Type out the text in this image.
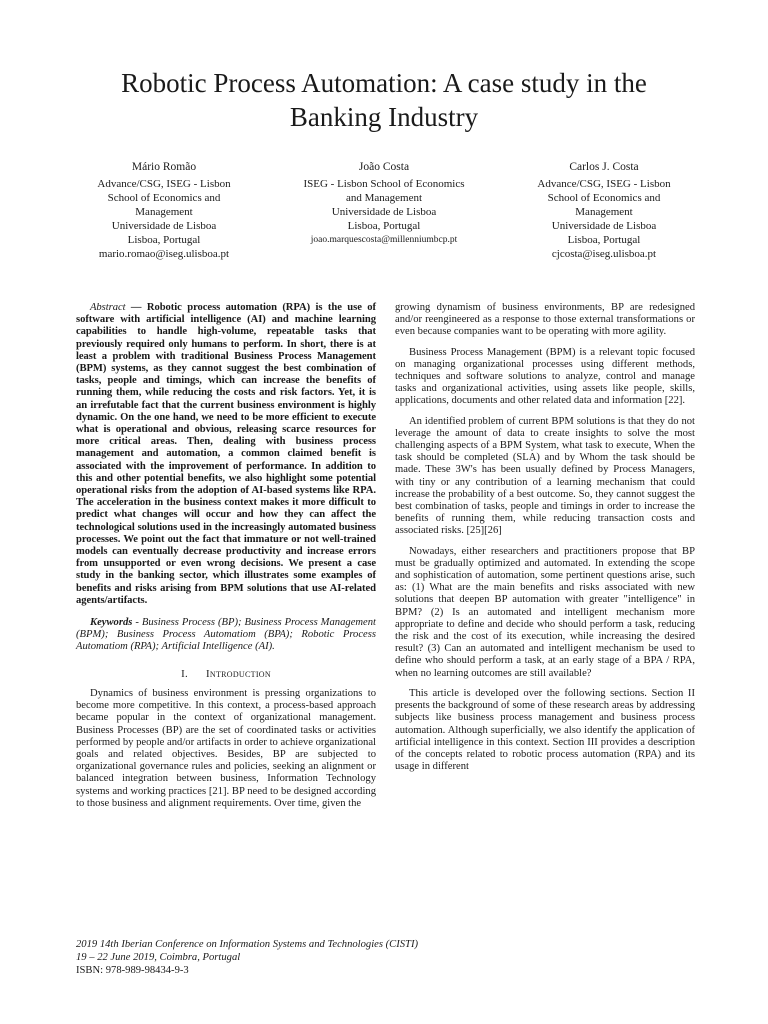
Robotic Process Automation: A case study in the
Banking Industry
Mário Romão
Advance/CSG, ISEG - Lisbon
School of Economics and
Management
Universidade de Lisboa
Lisboa, Portugal
mario.romao@iseg.ulisboa.pt
João Costa
ISEG - Lisbon School of Economics
and Management
Universidade de Lisboa
Lisboa, Portugal
joao.marquescosta@millenniumbcp.pt
Carlos J. Costa
Advance/CSG, ISEG - Lisbon
School of Economics and
Management
Universidade de Lisboa
Lisboa, Portugal
cjcosta@iseg.ulisboa.pt

Abstract — Robotic process automation (RPA) is the use of software with artificial intelligence (AI) and machine learning capabilities to handle high-volume, repeatable tasks that previously required only humans to perform. In short, there is at least a problem with traditional Business Process Management (BPM) systems, as they cannot suggest the best combination of tasks, people and timings, which can increase the benefits of running them, while reducing the costs and risk factors. Yet, it is an irrefutable fact that the current business environment is highly dynamic. On the one hand, we need to be more efficient to execute what is operational and obvious, releasing scarce resources for more critical areas. Then, dealing with business process management and automation, a common claimed benefit is associated with the improvement of performance. In addition to this and other potential benefits, we also highlight some potential operational risks from the adoption of AI-based systems like RPA. The acceleration in the business context makes it more difficult to predict what changes will occur and how they can affect the technological solutions used in the increasingly automated business processes. We point out the fact that immature or not well-trained models can eventually decrease productivity and increase errors from unsupported or even wrong decisions. We present a case study in the banking sector, which illustrates some examples of benefits and risks arising from BPM solutions that use AI-related agents/artifacts.

Keywords - Business Process (BP); Business Process Management (BPM); Business Process Automatiom (BPA); Robotic Process Automatiom (RPA); Artificial Intelligence (AI).

I. Introduction

Dynamics of business environment is pressing organizations to become more competitive. In this context, a process-based approach became popular in the context of organizational management. Business Processes (BP) are the set of coordinated tasks or activities performed by people and/or artifacts in order to achieve organizational goals and related objectives. Besides, BP are subjected to organizational governance rules and policies, seeking an alignment or balanced integration between business, Information Technology systems and working practices [21]. BP need to be designed according to those business and alignment requirements. Over time, given the

growing dynamism of business environments, BP are redesigned and/or reengineered as a response to those external transformations or even because companies want to be operating with more agility.

Business Process Management (BPM) is a relevant topic focused on managing organizational processes using different methods, techniques and software solutions to analyze, control and manage tasks and organizational activities, using assets like people, skills, applications, documents and other related data and information [22].

An identified problem of current BPM solutions is that they do not leverage the amount of data to create insights to solve the most challenging aspects of a BPM System, what task to execute, When the task should be completed (SLA) and by Whom the task should be made. These 3W's has been usually defined by Process Managers, with tiny or any contribution of a learning mechanism that could increase the probability of a best outcome. So, they cannot suggest the best combination of tasks, people and timings in order to increase the benefits of running them, while reducing transaction costs and associated risks. [25][26]

Nowadays, either researchers and practitioners propose that BP must be gradually optimized and automated. In extending the scope and sophistication of automation, some pertinent questions arise, such as: (1) What are the main benefits and risks associated with new solutions that deepen BP automation with greater "intelligence" in BPM? (2) Is an automated and intelligent mechanism more appropriate to define and decide who should perform a task, reducing the risk and the cost of its execution, while increasing the desired result? (3) Can an automated and intelligent mechanism be used to define who should perform a task, at an early stage of a BPA / RPA, when no learning outcomes are still available?

This article is developed over the following sections. Section II presents the background of some of these research areas by addressing subjects like business process management and business process automation. Although superficially, we also identify the application of artificial intelligence in this context. Section III provides a description of the concepts related to robotic process automation (RPA) and its usage in different

2019 14th Iberian Conference on Information Systems and Technologies (CISTI)
19 – 22 June 2019, Coimbra, Portugal
ISBN: 978-989-98434-9-3
